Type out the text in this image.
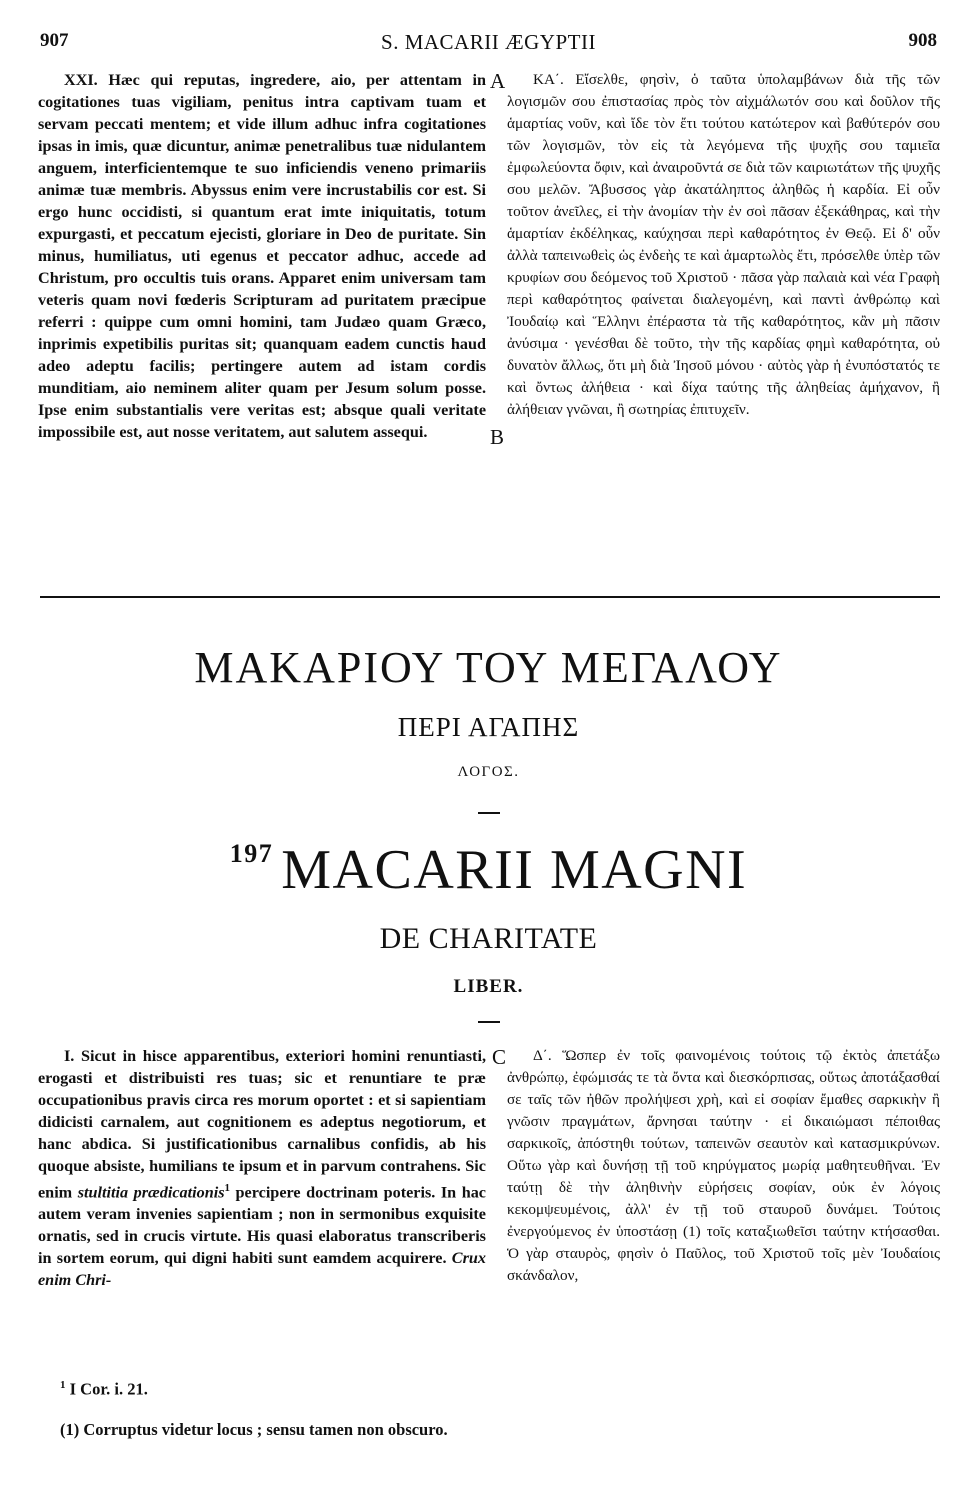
907	S. MACARII ÆGYPTII	908
A
B
C
XXI. Hæc qui reputas, ingredere, aio, per attentam in cogitationes tuas vigiliam, penitus intra captivam tuam et servam peccati mentem; et vide illum adhuc infra cogitationes ipsas in imis, quæ dicuntur, animæ penetralibus tuæ nidulantem anguem, interficientemque te suo inficiendis veneno primariis animæ tuæ membris. Abyssus enim vere incrustabilis cor est. Si ergo hunc occidisti, si quantum erat imte iniquitatis, totum expurgasti, et peccatum ejecisti, gloriare in Deo de puritate. Sin minus, humiliatus, uti egenus et peccator adhuc, accede ad Christum, pro occultis tuis orans. Apparet enim universam tam veteris quam novi fœderis Scripturam ad puritatem præcipue referri : quippe cum omni homini, tam Judæo quam Græco, inprimis expetibilis puritas sit; quanquam eadem cunctis haud adeo adeptu facilis; pertingere autem ad istam cordis munditiam, aio neminem aliter quam per Jesum solum posse. Ipse enim substantialis vere veritas est; absque quali veritate impossibile est, aut nosse veritatem, aut salutem assequi.
ΚΑ΄. Εἴσελθε, φησὶν, ὁ ταῦτα ὑπολαμβάνων διὰ τῆς τῶν λογισμῶν σου ἐπιστασίας πρὸς τὸν αἰχμάλωτόν σου καὶ δοῦλον τῆς ἁμαρτίας νοῦν, καὶ ἴδε τὸν ἔτι τούτου κατώτερον καὶ βαθύτερόν σου τῶν λογισμῶν, τὸν εἰς τὰ λεγόμενα τῆς ψυχῆς σου ταμιεῖα ἐμφωλεύοντα ὄφιν, καὶ ἀναιροῦντά σε διὰ τῶν καιριωτάτων τῆς ψυχῆς σου μελῶν. Ἄβυσσος γὰρ ἀκατάληπτος ἀληθῶς ἡ καρδία. Εἰ οὖν τοῦτον ἀνεῖλες, εἰ τὴν ἀνομίαν τὴν ἐν σοὶ πᾶσαν ἐξεκάθηρας, καὶ τὴν ἁμαρτίαν ἐκδέληκας, καύχησαι περὶ καθαρότητος ἐν Θεῷ. Εἰ δ' οὖν ἀλλὰ ταπεινωθεὶς ὡς ἐνδεὴς τε καὶ ἁμαρτωλὸς ἔτι, πρόσελθε ὑπὲρ τῶν κρυφίων σου δεόμενος τοῦ Χριστοῦ · πᾶσα γὰρ παλαιὰ καὶ νέα Γραφὴ περὶ καθαρότητος φαίνεται διαλεγομένη, καὶ παντὶ ἀνθρώπῳ καὶ Ἰουδαίῳ καὶ Ἕλληνι ἐπέραστα τὰ τῆς καθαρότητος, κἂν μὴ πᾶσιν ἀνύσιμα · γενέσθαι δὲ τοῦτο, τὴν τῆς καρδίας φημὶ καθαρότητα, οὐ δυνατὸν ἄλλως, ὅτι μὴ διὰ Ἰησοῦ μόνου · αὐτὸς γὰρ ἡ ἐνυπόστατός τε καὶ ὄντως ἀλήθεια · καὶ δίχα ταύτης τῆς ἀληθείας ἀμήχανον, ἢ ἀλήθειαν γνῶναι, ἢ σωτηρίας ἐπιτυχεῖν.
ΜΑΚΑΡΙΟΥ ΤΟΥ ΜΕΓΑΛΟΥ
ΠΕΡΙ ΑΓΑΠΗΣ
ΛΟΓΟΣ.
$^{197}$ MACARII MAGNI
DE CHARITATE
LIBER.
I. Sicut in hisce apparentibus, exteriori homini renuntiasti, erogasti et distribuisti res tuas; sic et renuntiare te præ occupationibus pravis circa res morum oportet : et si sapientiam didicisti carnalem, aut cognitionem es adeptus negotiorum, et hanc abdica. Si justificationibus carnalibus confidis, ab his quoque absiste, humilians te ipsum et in parvum contrahens. Sic enim stultitia prædicationis$^1$ percipere doctrinam poteris. In hac autem veram invenies sapientiam ; non in sermonibus exquisite ornatis, sed in crucis virtute. His quasi elaboratus transcriberis in sortem eorum, qui digni habiti sunt eamdem acquirere. Crux enim Chri-
Δ΄. Ὥσπερ ἐν τοῖς φαινομένοις τούτοις τῷ ἐκτὸς ἀπετάξω ἀνθρώπῳ, ἐφώμισάς τε τὰ ὄντα καὶ διεσκόρπισας, οὕτως ἀποτάξασθαί σε ταῖς τῶν ἠθῶν προλήψεσι χρὴ, καὶ εἰ σοφίαν ἔμαθες σαρκικὴν ἢ γνῶσιν πραγμάτων, ἄρνησαι ταύτην · εἰ δικαιώμασι πέποιθας σαρκικοῖς, ἀπόστηθι τούτων, ταπεινῶν σεαυτὸν καὶ κατασμικρύνων. Οὕτω γὰρ καὶ δυνήσῃ τῇ τοῦ κηρύγματος μωρίᾳ μαθητευθῆναι. Ἐν ταύτῃ δὲ τὴν ἀληθινὴν εὑρήσεις σοφίαν, οὐκ ἐν λόγοις κεκομψευμένοις, ἀλλ' ἐν τῇ τοῦ σταυροῦ δυνάμει. Τούτοις ἐνεργούμενος ἐν ὑποστάσῃ (1) τοῖς καταξιωθεῖσι ταύτην κτήσασθαι. Ὁ γὰρ σταυρὸς, φησὶν ὁ Παῦλος, τοῦ Χριστοῦ τοῖς μὲν Ἰουδαίοις σκάνδαλον,
$^1$ I Cor. i. 21.
(1) Corruptus videtur locus ; sensu tamen non obscuro.
